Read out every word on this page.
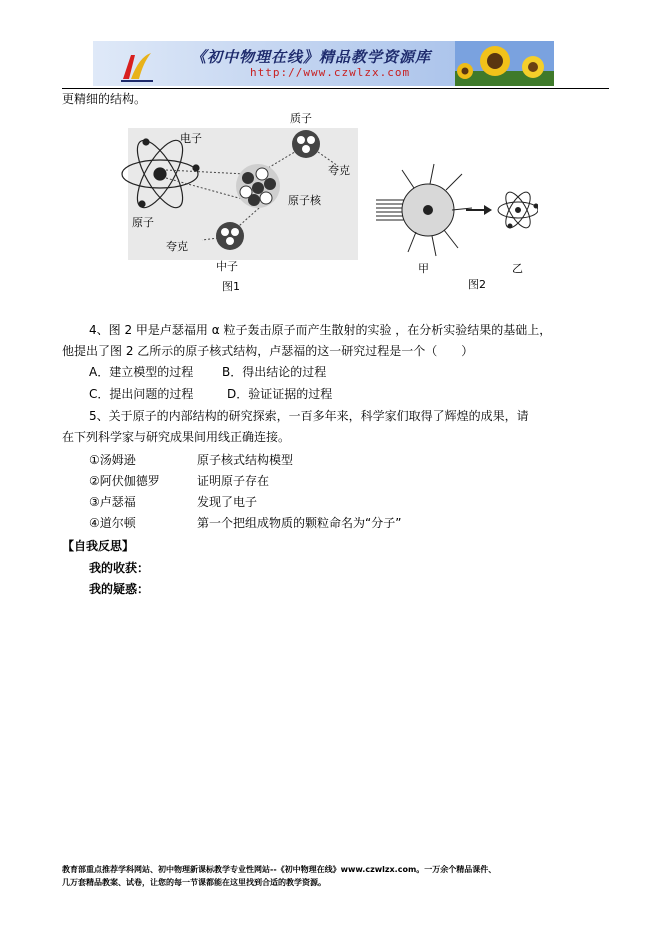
《初中物理在线》精品教学资源库
http://www.czwlzx.com
更精细的结构。
电子
原子
质子
夸克
原子核
夸克
中子
图1
甲	乙
图2
4、图 2 甲是卢瑟福用 α 粒子轰击原子而产生散射的实验 ，在分析实验结果的基础上，
他提出了图 2 乙所示的原子核式结构，卢瑟福的这一研究过程是一个（　　）
A．建立模型的过程 B．得出结论的过程
C．提出问题的过程	D．验证证据的过程
5、关于原子的内部结构的研究探索，一百多年来，科学家们取得了辉煌的成果，请
在下列科学家与研究成果间用线正确连接。
①汤姆逊	原子核式结构模型
②阿伏伽德罗	证明原子存在
③卢瑟福	发现了电子
④道尔顿	第一个把组成物质的颗粒命名为“分子”
【自我反思】
我的收获：
我的疑惑：
教育部重点推荐学科网站、初中物理新课标教学专业性网站--《初中物理在线》www.czwlzx.com。一万余个精品课件、
几万套精品教案、试卷，让您的每一节课都能在这里找到合适的教学资源。
